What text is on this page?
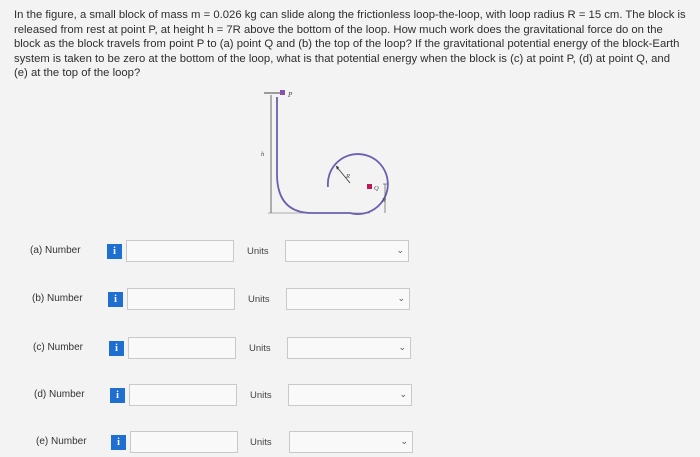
In the figure, a small block of mass m = 0.026 kg can slide along the frictionless loop-the-loop, with loop radius R = 15 cm. The block is released from rest at point P, at height h = 7R above the bottom of the loop. How much work does the gravitational force do on the block as the block travels from point P to (a) point Q and (b) the top of the loop? If the gravitational potential energy of the block-Earth system is taken to be zero at the bottom of the loop, what is that potential energy when the block is (c) at point P, (d) at point Q, and (e) at the top of the loop?

P
h
R
Q
R
(a) Number	i	Units	⌄
(b) Number	i	Units	⌄
(c) Number	i	Units	⌄
(d) Number	i	Units	⌄
(e) Number	i	Units	⌄
